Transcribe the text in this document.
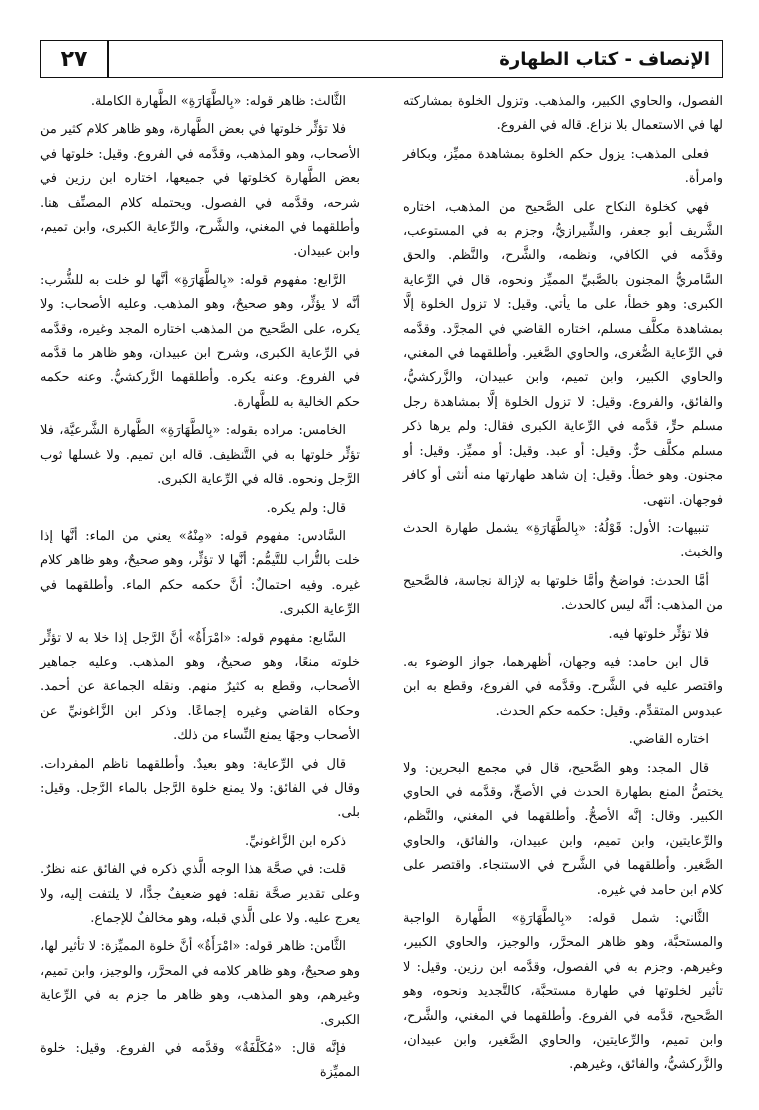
٢٧	الإنصاف - كتاب الطهارة

الفصول، والحاوي الكبير، والمذهب. وتزول الخلوة بمشاركته لها في الاستعمال بلا نزاع. قاله في الفروع.

فعلى المذهب: يزول حكم الخلوة بمشاهدة مميِّز، وبكافر وامرأة.

فهي كخلوة النكاح على الصَّحيح من المذهب، اختاره الشَّريف أبو جعفر، والشِّيرازيُّ، وجزم به في المستوعب، وقدَّمه في الكافي، ونظمه، والشَّرح، والنَّظم. والحق السَّامريُّ المجنون بالصَّبيِّ المميِّز ونحوه، قال في الرِّعاية الكبرى: وهو خطأ، على ما يأتي. وقيل: لا تزول الخلوة إلَّا بمشاهدة مكلَّف مسلم، اختاره القاضي في المجرَّد. وقدَّمه في الرِّعاية الصُّغرى، والحاوي الصَّغير. وأطلقهما في المغني، والحاوي الكبير، وابن تميم، وابن عبيدان، والزَّركشيُّ، والفائق، والفروع. وقيل: لا تزول الخلوة إلَّا بمشاهدة رجل مسلم حرٍّ، قدَّمه في الرِّعاية الكبرى فقال: ولم يرها ذكر مسلم مكلَّف حرٌّ. وقيل: أو عبد. وقيل: أو مميِّز. وقيل: أو مجنون. وهو خطأ. وقيل: إن شاهد طهارتها منه أنثى أو كافر فوجهان. انتهى.

تنبيهات: الأول: قَوْلُهُ: «بِالطَّهَارَةِ» يشمل طهارة الحدث والخبث.

أمَّا الحدث: فواضحٌ وأمَّا خلوتها به لإزالة نجاسة، فالصَّحيح من المذهب: أنَّه ليس كالحدث.

فلا تؤثِّر خلوتها فيه.

قال ابن حامد: فيه وجهان، أظهرهما، جواز الوضوء به. واقتصر عليه في الشَّرح. وقدَّمه في الفروع، وقطع به ابن عبدوس المتقدِّم. وقيل: حكمه حكم الحدث.

اختاره القاضي.

قال المجد: وهو الصَّحيح، قال في مجمع البحرين: ولا يختصُّ المنع بطهارة الحدث في الأصحِّ، وقدَّمه في الحاوي الكبير. وقال: إنَّه الأصحُّ. وأطلقهما في المغني، والنَّظم، والرِّعايتين، وابن تميم، وابن عبيدان، والفائق، والحاوي الصَّغير. وأطلقهما في الشَّرح في الاستنجاء. واقتصر على كلام ابن حامد في غيره.

الثَّاني: شمل قوله: «بِالطَّهَارَةِ» الطَّهارة الواجبة والمستحبَّة، وهو ظاهر المحرَّر، والوجيز، والحاوي الكبير، وغيرهم. وجزم به في الفصول، وقدَّمه ابن رزين. وقيل: لا تأثير لخلوتها في طهارة مستحبَّة، كالتَّجديد ونحوه، وهو الصَّحيح، قدَّمه في الفروع. وأطلقهما في المغني، والشَّرح، وابن تميم، والرِّعايتين، والحاوي الصَّغير، وابن عبيدان، والزَّركشيُّ، والفائق، وغيرهم.

الثَّالث: ظاهر قوله: «بِالطَّهَارَةِ» الطَّهارة الكاملة.

فلا تؤثِّر خلوتها في بعض الطَّهارة، وهو ظاهر كلام كثير من الأصحاب، وهو المذهب، وقدَّمه في الفروع. وقيل: خلوتها في بعض الطَّهارة كخلوتها في جميعها، اختاره ابن رزين في شرحه، وقدَّمه في الفصول. ويحتمله كلام المصنِّف هنا. وأطلقهما في المغني، والشَّرح، والرِّعاية الكبرى، وابن تميم، وابن عبيدان.

الرَّابع: مفهوم قوله: «بِالطَّهَارَةِ» أنَّها لو خلت به للشُّرب: أنَّه لا يؤثِّر، وهو صحيحٌ، وهو المذهب. وعليه الأصحاب: ولا يكره، على الصَّحيح من المذهب اختاره المجد وغيره، وقدَّمه في الرِّعاية الكبرى، وشرح ابن عبيدان، وهو ظاهر ما قدَّمه في الفروع. وعنه يكره. وأطلقهما الزَّركشيُّ. وعنه حكمه حكم الخالية به للطَّهارة.

الخامس: مراده بقوله: «بِالطَّهَارَةِ» الطَّهارة الشَّرعيَّة، فلا تؤثِّر خلوتها به في التَّنظيف. قاله ابن تميم. ولا غسلها ثوب الرَّجل ونحوه. قاله في الرِّعاية الكبرى.

قال: ولم يكره.

السَّادس: مفهوم قوله: «مِنْهُ» يعني من الماء: أنَّها إذا خلت بالتُّراب للتَّيمُّم: أنَّها لا تؤثِّر، وهو صحيحٌ، وهو ظاهر كلام غيره. وفيه احتمالٌ: أنَّ حكمه حكم الماء. وأطلقهما في الرِّعاية الكبرى.

السَّابع: مفهوم قوله: «امْرَأَةٌ» أنَّ الرَّجل إذا خلا به لا تؤثِّر خلوته منعًا، وهو صحيحٌ، وهو المذهب. وعليه جماهير الأصحاب، وقطع به كثيرٌ منهم. ونقله الجماعة عن أحمد. وحكاه القاضي وغيره إجماعًا. وذكر ابن الزَّاغونيِّ عن الأصحاب وجهًا يمنع النِّساء من ذلك.

قال في الرِّعاية: وهو بعيدٌ. وأطلقهما ناظم المفردات. وقال في الفائق: ولا يمنع خلوة الرَّجل بالماء الرَّجل. وقيل: بلى.

ذكره ابن الزَّاغونيِّ.

قلت: في صحَّة هذا الوجه الَّذي ذكره في الفائق عنه نظرٌ. وعلى تقدير صحَّة نقله: فهو ضعيفٌ جدًّا، لا يلتفت إليه، ولا يعرج عليه. ولا على الَّذي قبله، وهو مخالفٌ للإجماع.

الثَّامن: ظاهر قوله: «امْرَأَةٌ» أنَّ خلوة المميِّزة: لا تأثير لها، وهو صحيحٌ، وهو ظاهر كلامه في المحرَّر، والوجيز، وابن تميم، وغيرهم، وهو المذهب، وهو ظاهر ما جزم به في الرِّعاية الكبرى.

فإنَّه قال: «مُكَلَّفَةٌ» وقدَّمه في الفروع. وقيل: خلوة المميِّزة
